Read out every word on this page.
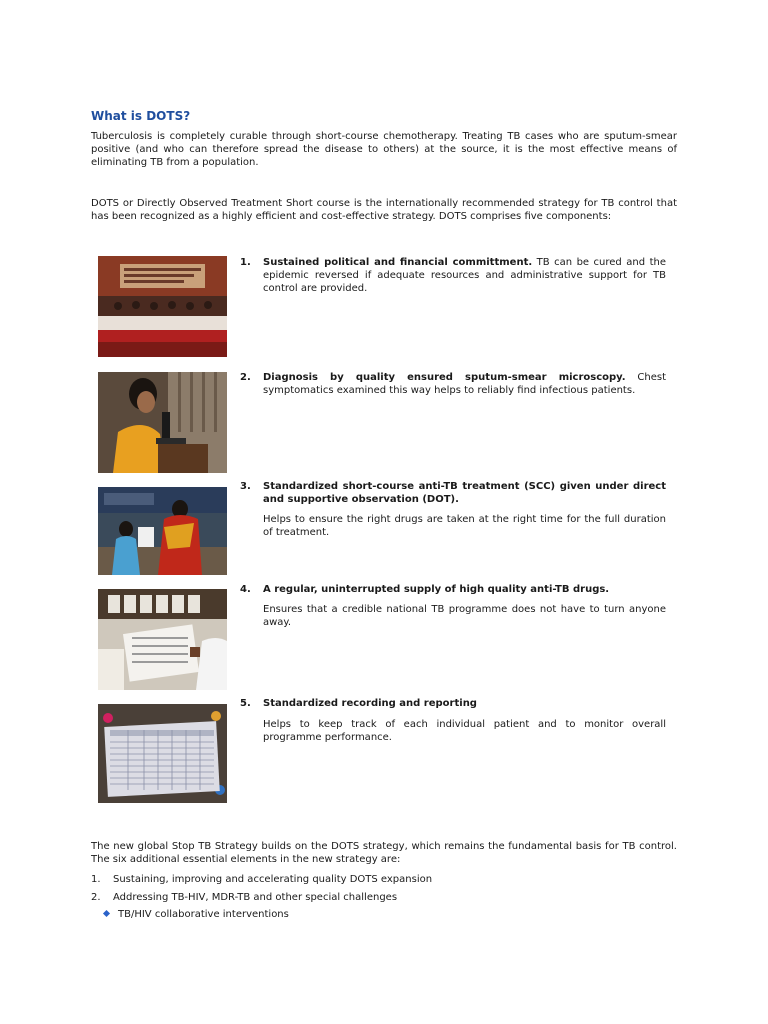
What is DOTS?

Tuberculosis is completely curable through short-course chemotherapy. Treating TB cases who are sputum-smear positive (and who can therefore spread the disease to others) at the source, it is the most effective means of eliminating TB from a population.

DOTS or Directly Observed Treatment Short course is the internationally recommended strategy for TB control that has been recognized as a highly efficient and cost-effective strategy. DOTS comprises five components:

1. Sustained political and financial committment. TB can be cured and the epidemic reversed if adequate resources and administrative support for TB control are provided.

2. Diagnosis by quality ensured sputum-smear microscopy. Chest symptomatics examined this way helps to reliably find infectious patients.

3. Standardized short-course anti-TB treatment (SCC) given under direct and supportive observation (DOT).

Helps to ensure the right drugs are taken at the right time for the full duration of treatment.

4. A regular, uninterrupted supply of high quality anti-TB drugs.

Ensures that a credible national TB programme does not have to turn anyone away.

5. Standardized recording and reporting

Helps to keep track of each individual patient and to monitor overall programme performance.

The new global Stop TB Strategy builds on the DOTS strategy, which remains the fundamental basis for TB control. The six additional essential elements in the new strategy are:

1. Sustaining, improving and accelerating quality DOTS expansion
2. Addressing TB-HIV, MDR-TB and other special challenges
TB/HIV collaborative interventions
